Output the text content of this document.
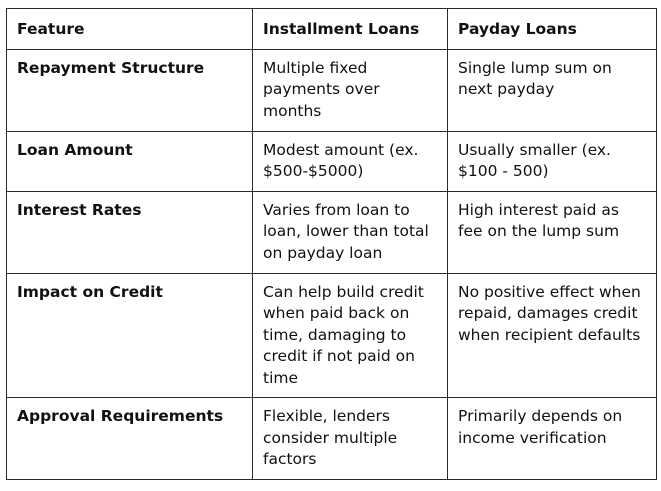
Feature	Installment Loans	Payday Loans
Repayment Structure	Multiple fixed payments over months	Single lump sum on next payday
Loan Amount	Modest amount (ex. $500-$5000)	Usually smaller (ex. $100 - 500)
Interest Rates	Varies from loan to loan, lower than total on payday loan	High interest paid as fee on the lump sum
Impact on Credit	Can help build credit when paid back on time, damaging to credit if not paid on time	No positive effect when repaid, damages credit when recipient defaults
Approval Requirements	Flexible, lenders consider multiple factors	Primarily depends on income verification
